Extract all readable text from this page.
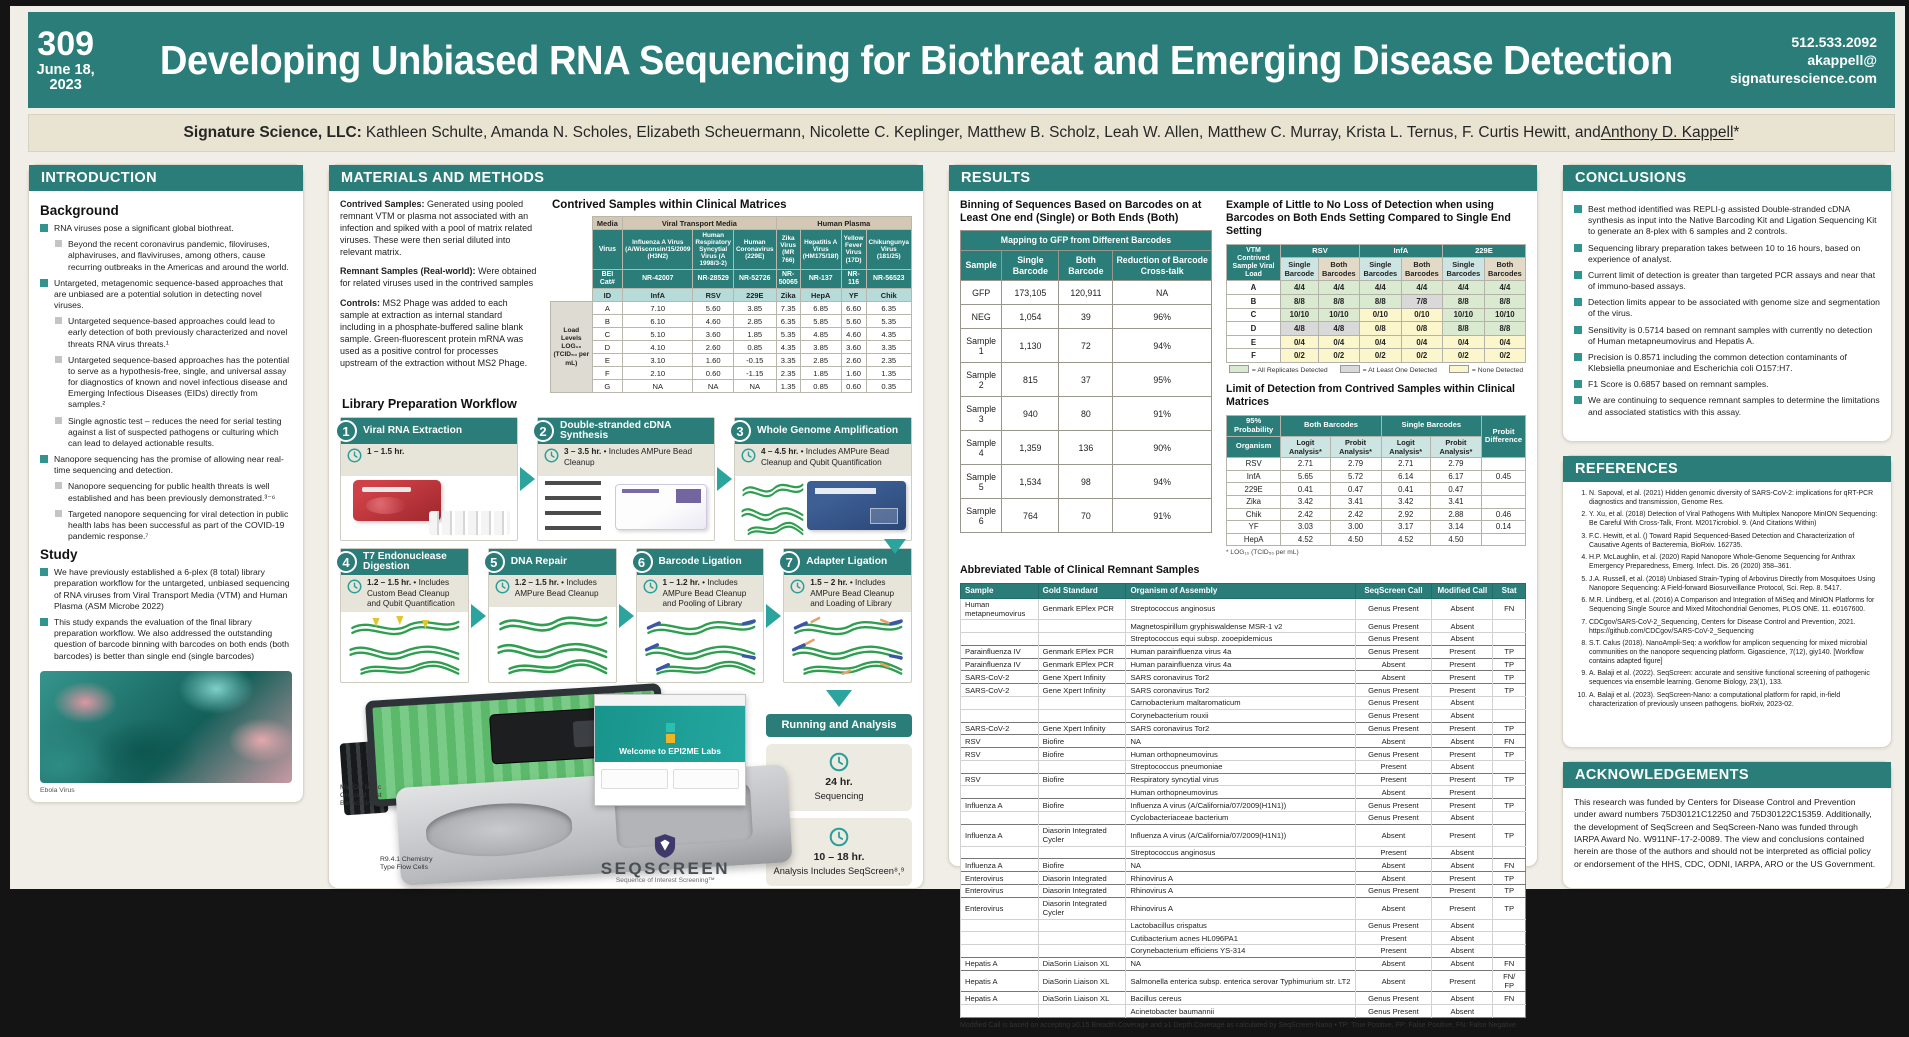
309
June 18, 2023
Developing Unbiased RNA Sequencing for Biothreat and Emerging Disease Detection	512.533.2092
akappell@
signaturescience.com
Signature Science, LLC: Kathleen Schulte, Amanda N. Scholes, Elizabeth Scheuermann, Nicolette C. Keplinger, Matthew B. Scholz, Leah W. Allen, Matthew C. Murray, Krista L. Ternus, F. Curtis Hewitt, and Anthony D. Kappell *
INTRODUCTION
Background
RNA viruses pose a significant global biothreat.
Beyond the recent coronavirus pandemic, filoviruses, alphaviruses, and flaviviruses, among others, cause recurring outbreaks in the Americas and around the world.
Untargeted, metagenomic sequence-based approaches that are unbiased are a potential solution in detecting novel viruses.
Untargeted sequence-based approaches could lead to early detection of both previously characterized and novel threats RNA virus threats.¹
Untargeted sequence-based approaches has the potential to serve as a hypothesis-free, single, and universal assay for diagnostics of known and novel infectious disease and Emerging Infectious Diseases (EIDs) directly from samples.²
Single agnostic test – reduces the need for serial testing against a list of suspected pathogens or culturing which can lead to delayed actionable results.
Nanopore sequencing has the promise of allowing near real-time sequencing and detection.
Nanopore sequencing for public health threats is well established and has been previously demonstrated.³⁻⁶
Targeted nanopore sequencing for viral detection in public health labs has been successful as part of the COVID-19 pandemic response.⁷
Study
We have previously established a 6-plex (8 total) library preparation workflow for the untargeted, unbiased sequencing of RNA viruses from Viral Transport Media (VTM) and Human Plasma (ASM Microbe 2022)
This study expands the evaluation of the final library preparation workflow. We also addressed the outstanding question of barcode binning with barcodes on both ends (both barcodes) is better than single end (single barcodes)
Ebola Virus
MATERIALS AND METHODS

Contrived Samples: Generated using pooled remnant VTM or plasma not associated with an infection and spiked with a pool of matrix related viruses. These were then serial diluted into relevant matrix.

Remnant Samples (Real-world): Were obtained for related viruses used in the contrived samples

Controls: MS2 Phage was added to each sample at extraction as internal standard including in a phosphate-buffered saline blank sample. Green-fluorescent protein mRNA was used as a positive control for processes upstream of the extraction without MS2 Phage.

Contrived Samples within Clinical Matrices
	Media	Viral Transport Media			Human Plasma			
	Virus	Influenza A Virus (A/Wisconsin/15/2009 (H3N2)	Human Respiratory Syncytial Virus (A 1998/3-2)	Human Coronavirus (229E)	Zika Virus (MR 766)	Hepatitis A Virus (HM175/18f)	Yellow Fever Virus (17D)	Chikungunya Virus (181/25)
	BEI Cat#	NR-42007	NR-28529	NR-52726	NR-50065	NR-137	NR-116	NR-56523
	ID	InfA	RSV	229E	Zika	HepA	YF	Chik
Load Levels LOG₁₀ (TCID₅₀ per mL)	A	7.10	5.60	3.85	7.35	6.85	6.60	6.35
	B	6.10	4.60	2.85	6.35	5.85	5.60	5.35
	C	5.10	3.60	1.85	5.35	4.85	4.60	4.35
	D	4.10	2.60	0.85	4.35	3.85	3.60	3.35
	E	3.10	1.60	-0.15	3.35	2.85	2.60	2.35
	F	2.10	0.60	-1.15	2.35	1.85	1.60	1.35
	G	NA	NA	NA	1.35	0.85	0.60	0.35
Library Preparation Workflow
1	Viral RNA Extraction
1 – 1.5 hr.
2	Double-stranded cDNA Synthesis
3 – 3.5 hr. • Includes AMPure Bead Cleanup
3	Whole Genome Amplification
4 – 4.5 hr. • Includes AMPure Bead Cleanup and Qubit Quantification
4	T7 Endonuclease Digestion
1.2 – 1.5 hr. • Includes Custom Bead Cleanup and Qubit Quantification
5	DNA Repair
1.2 – 1.5 hr. • Includes AMPure Bead Cleanup
6	Barcode Ligation
1 – 1.2 hr. • Includes AMPure Bead Cleanup and Pooling of Library
7	Adapter Ligation
1.5 – 2 hr. • Includes AMPure Bead Cleanup and Loading of Library
MinION Mk1c Onboard Fast Basecalling
R9.4.1 Chemistry Type Flow Cells
Welcome to EPI2ME Labs
SEQSCREEN
Sequence of Interest Screening™
Running and Analysis
24 hr.
Sequencing
10 – 18 hr.
Analysis Includes SeqScreen⁸,⁹
RESULTS
Binning of Sequences Based on Barcodes on at Least One end (Single) or Both Ends (Both)
Mapping to GFP from Different Barcodes			
Sample	Single Barcode	Both Barcode	Reduction of Barcode Cross-talk
GFP	173,105	120,911	NA
NEG	1,054	39	96%
Sample 1	1,130	72	94%
Sample 2	815	37	95%
Sample 3	940	80	91%
Sample 4	1,359	136	90%
Sample 5	1,534	98	94%
Sample 6	764	70	91%
Example of Little to No Loss of Detection when using Barcodes on Both Ends Setting Compared to Single End Setting
VTM Contrived Sample Viral Load	RSV		InfA		229E	
	Single Barcode	Both Barcodes	Single Barcodes	Both Barcodes	Single Barcodes	Both Barcodes
A	4/4	4/4	4/4	4/4	4/4	4/4
B	8/8	8/8	8/8	7/8	8/8	8/8
C	10/10	10/10	0/10	0/10	10/10	10/10
D	4/8	4/8	0/8	0/8	8/8	8/8
E	0/4	0/4	0/4	0/4	0/4	0/4
F	0/2	0/2	0/2	0/2	0/2	0/2
= All Replicates Detected	= At Least One Detected	= None Detected
Limit of Detection from Contrived Samples within Clinical Matrices
95% Probability	Both Barcodes		Single Barcodes		Probit Difference
Organism	Logit Analysis*	Probit Analysis*	Logit Analysis*	Probit Analysis*	
RSV	2.71	2.79	2.71	2.79	
InfA	5.65	5.72	6.14	6.17	0.45
229E	0.41	0.47	0.41	0.47	
Zika	3.42	3.41	3.42	3.41	
Chik	2.42	2.42	2.92	2.88	0.46
YF	3.03	3.00	3.17	3.14	0.14
HepA	4.52	4.50	4.52	4.50	
* LOG₁₀ (TCID₅₀ per mL)
Abbreviated Table of Clinical Remnant Samples
Sample	Gold Standard	Organism of Assembly	SeqScreen Call	Modified Call	Stat
Human metapneumovirus	Genmark EPlex PCR	Streptococcus anginosus	Genus Present	Absent	FN
		Magnetospirillum gryphiswaldense MSR-1 v2	Genus Present	Absent	
		Streptococcus equi subsp. zooepidemicus	Genus Present	Absent	
Parainfluenza IV	Genmark EPlex PCR	Human parainfluenza virus 4a	Genus Present	Present	TP
Parainfluenza IV	Genmark EPlex PCR	Human parainfluenza virus 4a	Absent	Present	TP
SARS-CoV-2	Gene Xpert Infinity	SARS coronavirus Tor2	Absent	Present	TP
SARS-CoV-2	Gene Xpert Infinity	SARS coronavirus Tor2	Genus Present	Present	TP
		Carnobacterium maltaromaticum	Genus Present	Absent	
		Corynebacterium rouxii	Genus Present	Absent	
SARS-CoV-2	Gene Xpert Infinity	SARS coronavirus Tor2	Genus Present	Present	TP
RSV	Biofire	NA	Absent	Absent	FN
RSV	Biofire	Human orthopneumovirus	Genus Present	Present	TP
		Streptococcus pneumoniae	Present	Absent	
RSV	Biofire	Respiratory syncytial virus	Present	Present	TP
		Human orthopneumovirus	Absent	Present	
Influenza A	Biofire	Influenza A virus (A/California/07/2009(H1N1))	Genus Present	Present	TP
		Cyclobacteriaceae bacterium	Genus Present	Absent	
Influenza A	Diasorin Integrated Cycler	Influenza A virus (A/California/07/2009(H1N1))	Absent	Present	TP
		Streptococcus anginosus	Present	Absent	
Influenza A	Biofire	NA	Absent	Absent	FN
Enterovirus	Diasorin Integrated	Rhinovirus A	Absent	Present	TP
Enterovirus	Diasorin Integrated	Rhinovirus A	Genus Present	Present	TP
Enterovirus	Diasorin Integrated Cycler	Rhinovirus A	Absent	Present	TP
		Lactobacillus crispatus	Genus Present	Absent	
		Cutibacterium acnes HL096PA1	Present	Absent	
		Corynebacterium efficiens YS-314	Present	Absent	
Hepatis A	DiaSorin Liaison XL	NA	Absent	Absent	FN
Hepatis A	DiaSorin Liaison XL	Salmonella enterica subsp. enterica serovar Typhimurium str. LT2	Absent	Present	FN/ FP
Hepatis A	DiaSorin Liaison XL	Bacillus cereus	Genus Present	Absent	FN
		Acinetobacter baumannii	Genus Present	Absent	
Modified Call is based on accepting ≥0.15 Breadth.Coverage and ≥1 Depth.Coverage as calculated by SeqScreen-Nano • TP: True Positive, FP: False Positive, FN: False Negative
CONCLUSIONS
Best method identified was REPLI-g assisted Double-stranded cDNA synthesis as input into the Native Barcoding Kit and Ligation Sequencing Kit to generate an 8-plex with 6 samples and 2 controls.
Sequencing library preparation takes between 10 to 16 hours, based on experience of analyst.
Current limit of detection is greater than targeted PCR assays and near that of immuno-based assays.
Detection limits appear to be associated with genome size and segmentation of the virus.
Sensitivity is 0.5714 based on remnant samples with currently no detection of Human metapneumovirus and Hepatis A.
Precision is 0.8571 including the common detection contaminants of Klebsiella pneumoniae and Escherichia coli O157:H7.
F1 Score is 0.6857 based on remnant samples.
We are continuing to sequence remnant samples to determine the limitations and associated statistics with this assay.
REFERENCES
1. N. Sapoval, et al. (2021) Hidden genomic diversity of SARS-CoV-2: implications for qRT-PCR diagnostics and transmission, Genome Res.
2. Y. Xu, et al. (2018) Detection of Viral Pathogens With Multiplex Nanopore MinION Sequencing: Be Careful With Cross-Talk, Front. M2017icrobiol. 9. (And Citations Within)
3. F.C. Hewitt, et al. () Toward Rapid Sequenced-Based Detection and Characterization of Causative Agents of Bacteremia, BioRxiv. 162735.
4. H.P. McLaughlin, et al. (2020) Rapid Nanopore Whole-Genome Sequencing for Anthrax Emergency Preparedness, Emerg. Infect. Dis. 26 (2020) 358–361.
5. J.A. Russell, et al. (2018) Unbiased Strain-Typing of Arbovirus Directly from Mosquitoes Using Nanopore Sequencing: A Field-forward Biosurveillance Protocol, Sci. Rep. 8. 5417.
6. M.R. Lindberg, et al. (2016) A Comparison and Integration of MiSeq and MinION Platforms for Sequencing Single Source and Mixed Mitochondrial Genomes, PLOS ONE. 11. e0167600.
7. CDCgov/SARS-CoV-2_Sequencing, Centers for Disease Control and Prevention, 2021. https://github.com/CDCgov/SARS-CoV-2_Sequencing
8. S.T. Calus (2018). NanoAmpli-Seq: a workflow for amplicon sequencing for mixed microbial communities on the nanopore sequencing platform. Gigascience, 7(12), giy140. [Workflow contains adapted figure]
9. A. Balaji et al. (2022). SeqScreen: accurate and sensitive functional screening of pathogenic sequences via ensemble learning. Genome Biology, 23(1), 133.
10. A. Balaji et al. (2023). SeqScreen-Nano: a computational platform for rapid, in-field characterization of previously unseen pathogens. bioRxiv, 2023-02.
ACKNOWLEDGEMENTS
This research was funded by Centers for Disease Control and Prevention under award numbers 75D30121C12250 and 75D30122C15359. Additionally, the development of SeqScreen and SeqScreen-Nano was funded through IARPA Award No. W911NF-17-2-0089. The view and conclusions contained herein are those of the authors and should not be interpreted as official policy or endorsement of the HHS, CDC, ODNI, IARPA, ARO or the US Government.
